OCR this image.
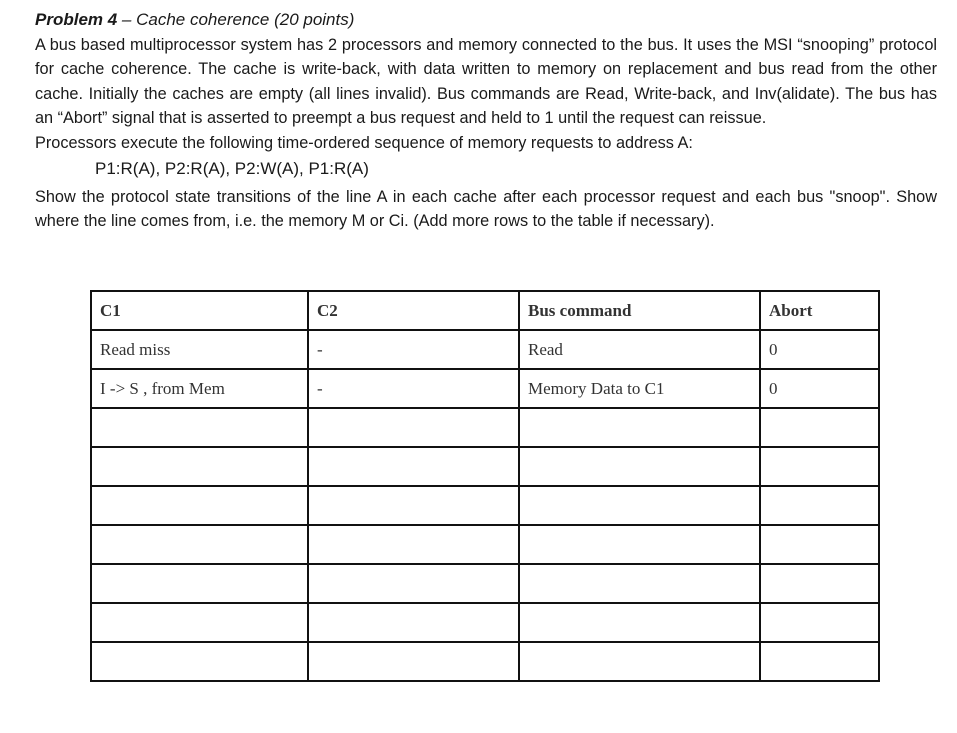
Problem 4 – Cache coherence (20 points)

A bus based multiprocessor system has 2 processors and memory connected to the bus. It uses the MSI “snooping” protocol for cache coherence. The cache is write-back, with data written to memory on replacement and bus read from the other cache. Initially the caches are empty (all lines invalid). Bus commands are Read, Write-back, and Inv(alidate). The bus has an “Abort” signal that is asserted to preempt a bus request and held to 1 until the request can reissue.

Processors execute the following time-ordered sequence of memory requests to address A:

P1:R(A), P2:R(A), P2:W(A), P1:R(A)

Show the protocol state transitions of the line A in each cache after each processor request and each bus "snoop". Show where the line comes from, i.e. the memory M or Ci. (Add more rows to the table if necessary).

C1	C2	Bus command	Abort
Read miss	-	Read	0
I -> S , from Mem	-	Memory Data to C1	0
